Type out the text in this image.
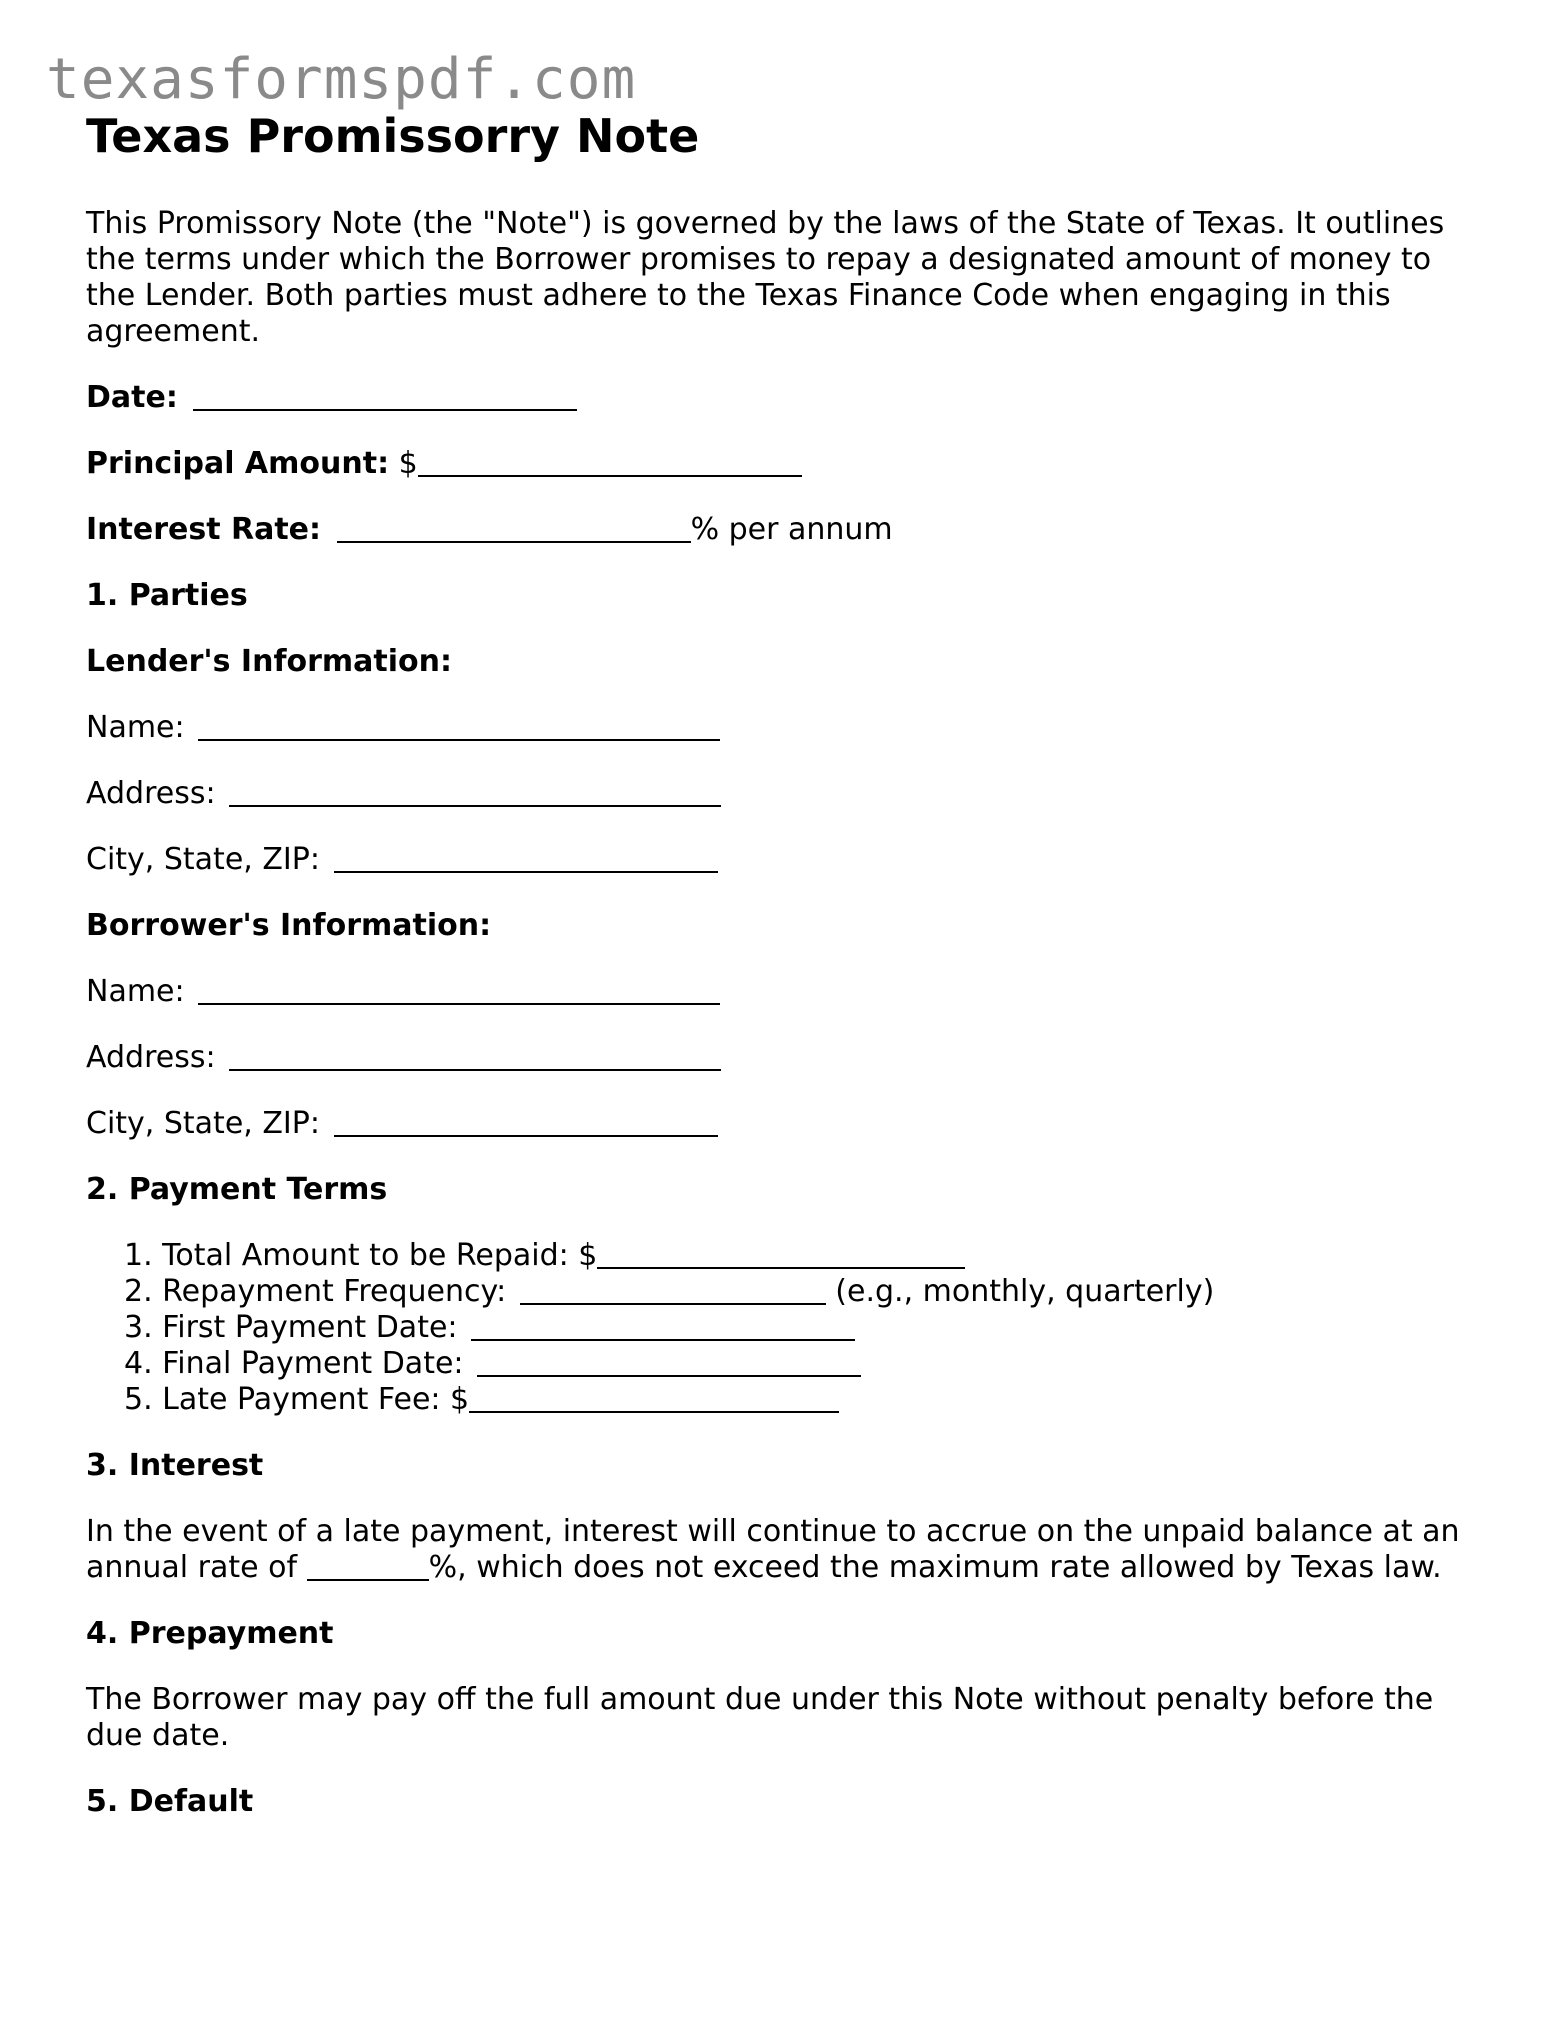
texasformspdf.com
Texas Promissorry Note
This Promissory Note (the "Note") is governed by the laws of the State of Texas. It outlines the terms under which the Borrower promises to repay a designated amount of money to the Lender. Both parties must adhere to the Texas Finance Code when engaging in this agreement.
Date:
Principal Amount: $
Interest Rate:	% per annum
1. Parties
Lender's Information:
Name:
Address:
City, State, ZIP:
Borrower's Information:
Name:
Address:
City, State, ZIP:
2. Payment Terms
1. Total Amount to be Repaid: $
2. Repayment Frequency:	(e.g., monthly, quarterly)
3. First Payment Date:
4. Final Payment Date:
5. Late Payment Fee: $
3. Interest
In the event of a late payment, interest will continue to accrue on the unpaid balance at an annual rate of	%, which does not exceed the maximum rate allowed by Texas law.
4. Prepayment
The Borrower may pay off the full amount due under this Note without penalty before the due date.
5. Default
